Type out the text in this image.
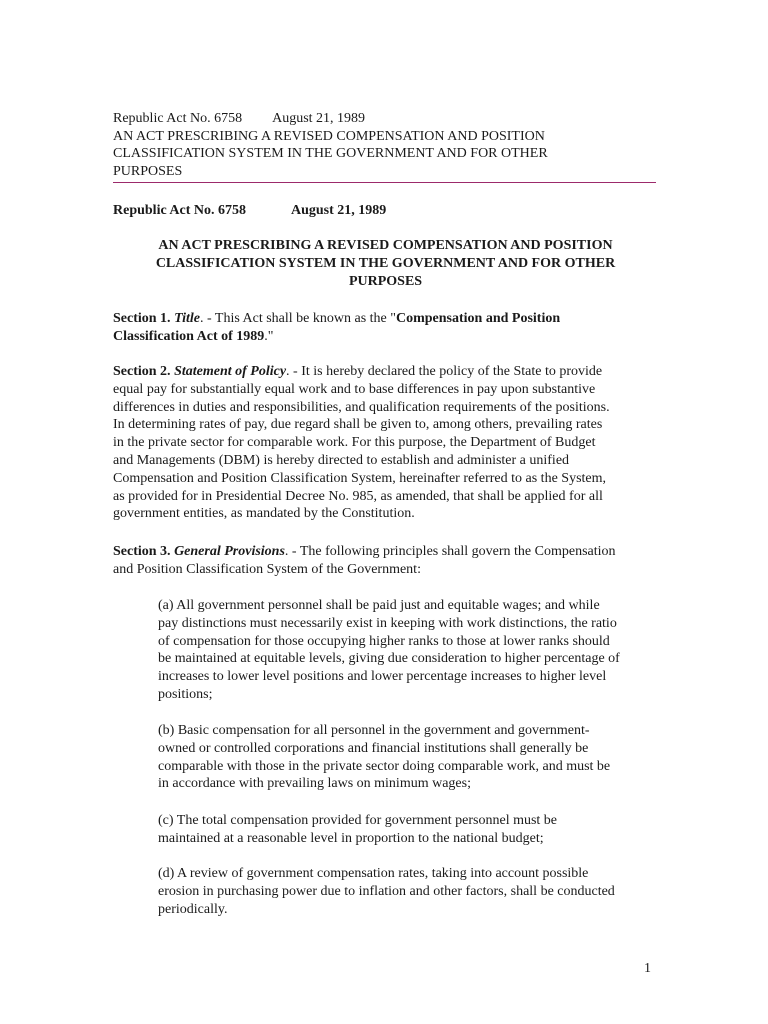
Republic Act No. 6758 August 21, 1989
AN ACT PRESCRIBING A REVISED COMPENSATION AND POSITION
CLASSIFICATION SYSTEM IN THE GOVERNMENT AND FOR OTHER
PURPOSES
Republic Act No. 6758	August 21, 1989
AN ACT PRESCRIBING A REVISED COMPENSATION AND POSITION
CLASSIFICATION SYSTEM IN THE GOVERNMENT AND FOR OTHER
PURPOSES
Section 1. Title. - This Act shall be known as the "Compensation and Position
Classification Act of 1989."
Section 2. Statement of Policy. - It is hereby declared the policy of the State to provide
equal pay for substantially equal work and to base differences in pay upon substantive
differences in duties and responsibilities, and qualification requirements of the positions.
In determining rates of pay, due regard shall be given to, among others, prevailing rates
in the private sector for comparable work. For this purpose, the Department of Budget
and Managements (DBM) is hereby directed to establish and administer a unified
Compensation and Position Classification System, hereinafter referred to as the System,
as provided for in Presidential Decree No. 985, as amended, that shall be applied for all
government entities, as mandated by the Constitution.
Section 3. General Provisions. - The following principles shall govern the Compensation
and Position Classification System of the Government:
(a) All government personnel shall be paid just and equitable wages; and while
pay distinctions must necessarily exist in keeping with work distinctions, the ratio
of compensation for those occupying higher ranks to those at lower ranks should
be maintained at equitable levels, giving due consideration to higher percentage of
increases to lower level positions and lower percentage increases to higher level
positions;
(b) Basic compensation for all personnel in the government and government-
owned or controlled corporations and financial institutions shall generally be
comparable with those in the private sector doing comparable work, and must be
in accordance with prevailing laws on minimum wages;
(c) The total compensation provided for government personnel must be
maintained at a reasonable level in proportion to the national budget;
(d) A review of government compensation rates, taking into account possible
erosion in purchasing power due to inflation and other factors, shall be conducted
periodically.
1
